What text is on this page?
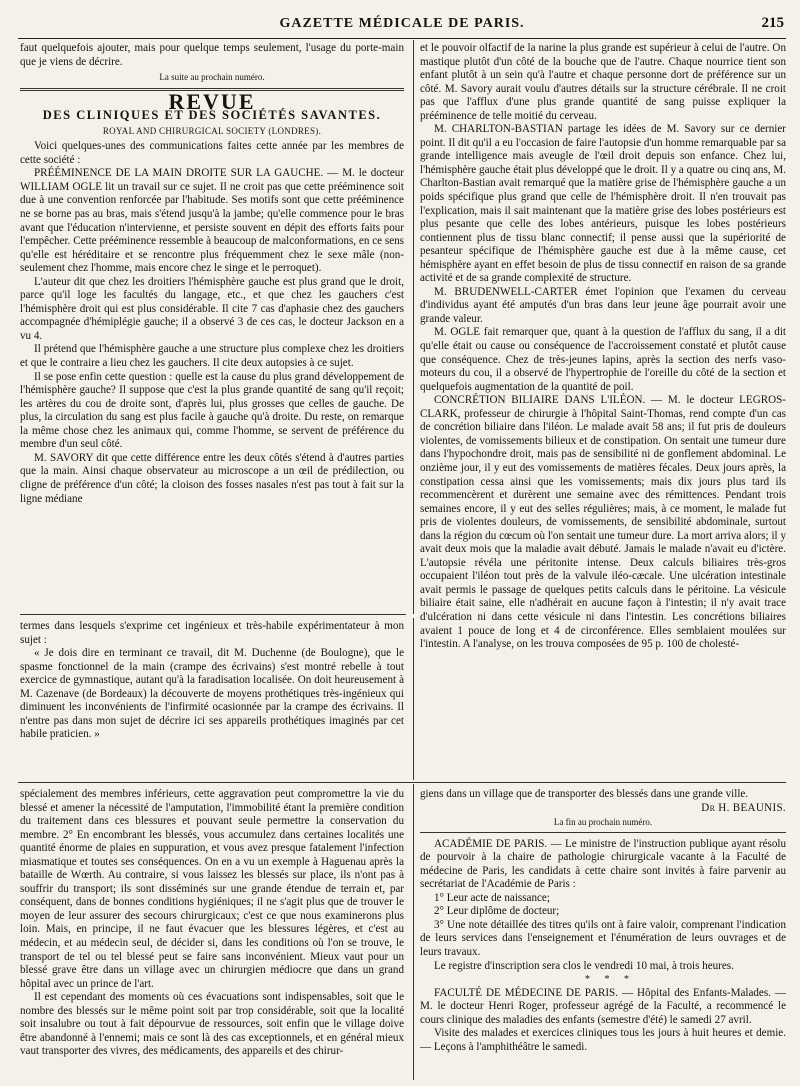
GAZETTE MÉDICALE DE PARIS.	215

faut quelquefois ajouter, mais pour quelque temps seulement, l'usage du porte-main que je viens de décrire.

La suite au prochain numéro.

REVUE
DES CLINIQUES ET DES SOCIÉTÉS SAVANTES.

ROYAL AND CHIRURGICAL SOCIETY (LONDRES).

Voici quelques-unes des communications faites cette année par les membres de cette société :

PRÉÉMINENCE DE LA MAIN DROITE SUR LA GAUCHE. — M. le docteur WILLIAM OGLE lit un travail sur ce sujet. Il ne croit pas que cette prééminence soit due à une convention renforcée par l'habitude. Ses motifs sont que cette prééminence ne se borne pas au bras, mais s'étend jusqu'à la jambe; qu'elle commence pour le bras avant que l'éducation n'intervienne, et persiste souvent en dépit des efforts faits pour l'empêcher. Cette prééminence ressemble à beaucoup de malconformations, en ce sens qu'elle est héréditaire et se rencontre plus fréquemment chez le sexe mâle (non-seulement chez l'homme, mais encore chez le singe et le perroquet).

L'auteur dit que chez les droitiers l'hémisphère gauche est plus grand que le droit, parce qu'il loge les facultés du langage, etc., et que chez les gauchers c'est l'hémisphère droit qui est plus considérable. Il cite 7 cas d'aphasie chez des gauchers accompagnée d'hémiplégie gauche; il a observé 3 de ces cas, le docteur Jackson en a vu 4.

Il prétend que l'hémisphère gauche a une structure plus complexe chez les droitiers et que le contraire a lieu chez les gauchers. Il cite deux autopsies à ce sujet.

Il se pose enfin cette question : quelle est la cause du plus grand développement de l'hémisphère gauche? Il suppose que c'est la plus grande quantité de sang qu'il reçoit; les artères du cou de droite sont, d'après lui, plus grosses que celles de gauche. De plus, la circulation du sang est plus facile à gauche qu'à droite. Du reste, on remarque la même chose chez les animaux qui, comme l'homme, se servent de préférence du membre d'un seul côté.

M. SAVORY dit que cette différence entre les deux côtés s'étend à d'autres parties que la main. Ainsi chaque observateur au microscope a un œil de prédilection, ou cligne de préférence d'un côté; la cloison des fosses nasales n'est pas tout à fait sur la ligne médiane

termes dans lesquels s'exprime cet ingénieux et très-habile expérimentateur à mon sujet :

« Je dois dire en terminant ce travail, dit M. Duchenne (de Boulogne), que le spasme fonctionnel de la main (crampe des écrivains) s'est montré rebelle à tout exercice de gymnastique, autant qu'à la faradisation localisée. On doit heureusement à M. Cazenave (de Bordeaux) la découverte de moyens prothétiques très-ingénieux qui diminuent les inconvénients de l'infirmité ocasionnée par la crampe des écrivains. Il n'entre pas dans mon sujet de décrire ici ses appareils prothétiques imaginés par cet habile praticien. »

et le pouvoir olfactif de la narine la plus grande est supérieur à celui de l'autre. On mastique plutôt d'un côté de la bouche que de l'autre. Chaque nourrice tient son enfant plutôt à un sein qu'à l'autre et chaque personne dort de préférence sur un côté. M. Savory aurait voulu d'autres détails sur la structure cérébrale. Il ne croit pas que l'afflux d'une plus grande quantité de sang puisse expliquer la prééminence de telle moitié du cerveau.

M. CHARLTON-BASTIAN partage les idées de M. Savory sur ce dernier point. Il dit qu'il a eu l'occasion de faire l'autopsie d'un homme remarquable par sa grande intelligence mais aveugle de l'œil droit depuis son enfance. Chez lui, l'hémisphère gauche était plus développé que le droit. Il y a quatre ou cinq ans, M. Charlton-Bastian avait remarqué que la matière grise de l'hémisphère gauche a un poids spécifique plus grand que celle de l'hémisphère droit. Il n'en trouvait pas l'explication, mais il sait maintenant que la matière grise des lobes postérieurs est plus pesante que celle des lobes antérieurs, puisque les lobes postérieurs contiennent plus de tissu blanc connectif; il pense aussi que la supériorité de pesanteur spécifique de l'hémisphère gauche est due à la même cause, cet hémisphère ayant en effet besoin de plus de tissu connectif en raison de sa grande activité et de sa grande complexité de structure.

M. BRUDENWELL-CARTER émet l'opinion que l'examen du cerveau d'individus ayant été amputés d'un bras dans leur jeune âge pourrait avoir une grande valeur.

M. OGLE fait remarquer que, quant à la question de l'afflux du sang, il a dit qu'elle était ou cause ou conséquence de l'accroissement constaté et plutôt cause que conséquence. Chez de très-jeunes lapins, après la section des nerfs vaso-moteurs du cou, il a observé de l'hypertrophie de l'oreille du côté de la section et quelquefois augmentation de la quantité de poil.

CONCRÉTION BILIAIRE DANS L'ILÉON. — M. le docteur LEGROS-CLARK, professeur de chirurgie à l'hôpital Saint-Thomas, rend compte d'un cas de concrétion biliaire dans l'iléon. Le malade avait 58 ans; il fut pris de douleurs violentes, de vomissements bilieux et de constipation. On sentait une tumeur dure dans l'hypochondre droit, mais pas de sensibilité ni de gonflement abdominal. Le onzième jour, il y eut des vomissements de matières fécales. Deux jours après, la constipation cessa ainsi que les vomissements; mais dix jours plus tard ils recommencèrent et durèrent une semaine avec des rémittences. Pendant trois semaines encore, il y eut des selles régulières; mais, à ce moment, le malade fut pris de violentes douleurs, de vomissements, de sensibilité abdominale, surtout dans la région du cœcum où l'on sentait une tumeur dure. La mort arriva alors; il y avait deux mois que la maladie avait débuté. Jamais le malade n'avait eu d'ictère. L'autopsie révéla une péritonite intense. Deux calculs biliaires très-gros occupaient l'iléon tout près de la valvule iléo-cæcale. Une ulcération intestinale avait permis le passage de quelques petits calculs dans le péritoine. La vésicule biliaire était saine, elle n'adhérait en aucune façon à l'intestin; il n'y avait trace d'ulcération ni dans cette vésicule ni dans l'intestin. Les concrétions biliaires avaient 1 pouce de long et 4 de circonférence. Elles semblaient moulées sur l'intestin. A l'analyse, on les trouva composées de 95 p. 100 de cholesté-

spécialement des membres inférieurs, cette aggravation peut compromettre la vie du blessé et amener la nécessité de l'amputation, l'immobilité étant la première condition du traitement dans ces blessures et pouvant seule permettre la conservation du membre. 2° En encombrant les blessés, vous accumulez dans certaines localités une quantité énorme de plaies en suppuration, et vous avez presque fatalement l'infection miasmatique et toutes ses conséquences. On en a vu un exemple à Haguenau après la bataille de Wœrth. Au contraire, si vous laissez les blessés sur place, ils n'ont pas à souffrir du transport; ils sont disséminés sur une grande étendue de terrain et, par conséquent, dans de bonnes conditions hygiéniques; il ne s'agit plus que de trouver le moyen de leur assurer des secours chirurgicaux; c'est ce que nous examinerons plus loin. Mais, en principe, il ne faut évacuer que les blessures légères, et c'est au médecin, et au médecin seul, de décider si, dans les conditions où l'on se trouve, le transport de tel ou tel blessé peut se faire sans inconvénient. Mieux vaut pour un blessé grave être dans un village avec un chirurgien médiocre que dans un grand hôpital avec un prince de l'art.

Il est cependant des moments où ces évacuations sont indispensables, soit que le nombre des blessés sur le même point soit par trop considérable, soit que la localité soit insalubre ou tout à fait dépourvue de ressources, soit enfin que le village doive être abandonné à l'ennemi; mais ce sont là des cas exceptionnels, et en général mieux vaut transporter des vivres, des médicaments, des appareils et des chirur-

giens dans un village que de transporter des blessés dans une grande ville.

Dr H. BEAUNIS.

La fin au prochain numéro.

ACADÉMIE DE PARIS. — Le ministre de l'instruction publique ayant résolu de pourvoir à la chaire de pathologie chirurgicale vacante à la Faculté de médecine de Paris, les candidats à cette chaire sont invités à faire parvenir au secrétariat de l'Académie de Paris :

1° Leur acte de naissance;

2° Leur diplôme de docteur;

3° Une note détaillée des titres qu'ils ont à faire valoir, comprenant l'indication de leurs services dans l'enseignement et l'énumération de leurs ouvrages et de leurs travaux.

Le registre d'inscription sera clos le vendredi 10 mai, à trois heures.

* * *

FACULTÉ DE MÉDECINE DE PARIS. — Hôpital des Enfants-Malades. — M. le docteur Henri Roger, professeur agrégé de la Faculté, a recommencé le cours clinique des maladies des enfants (semestre d'été) le samedi 27 avril.

Visite des malades et exercices cliniques tous les jours à huit heures et demie. — Leçons à l'amphithéâtre le samedi.
